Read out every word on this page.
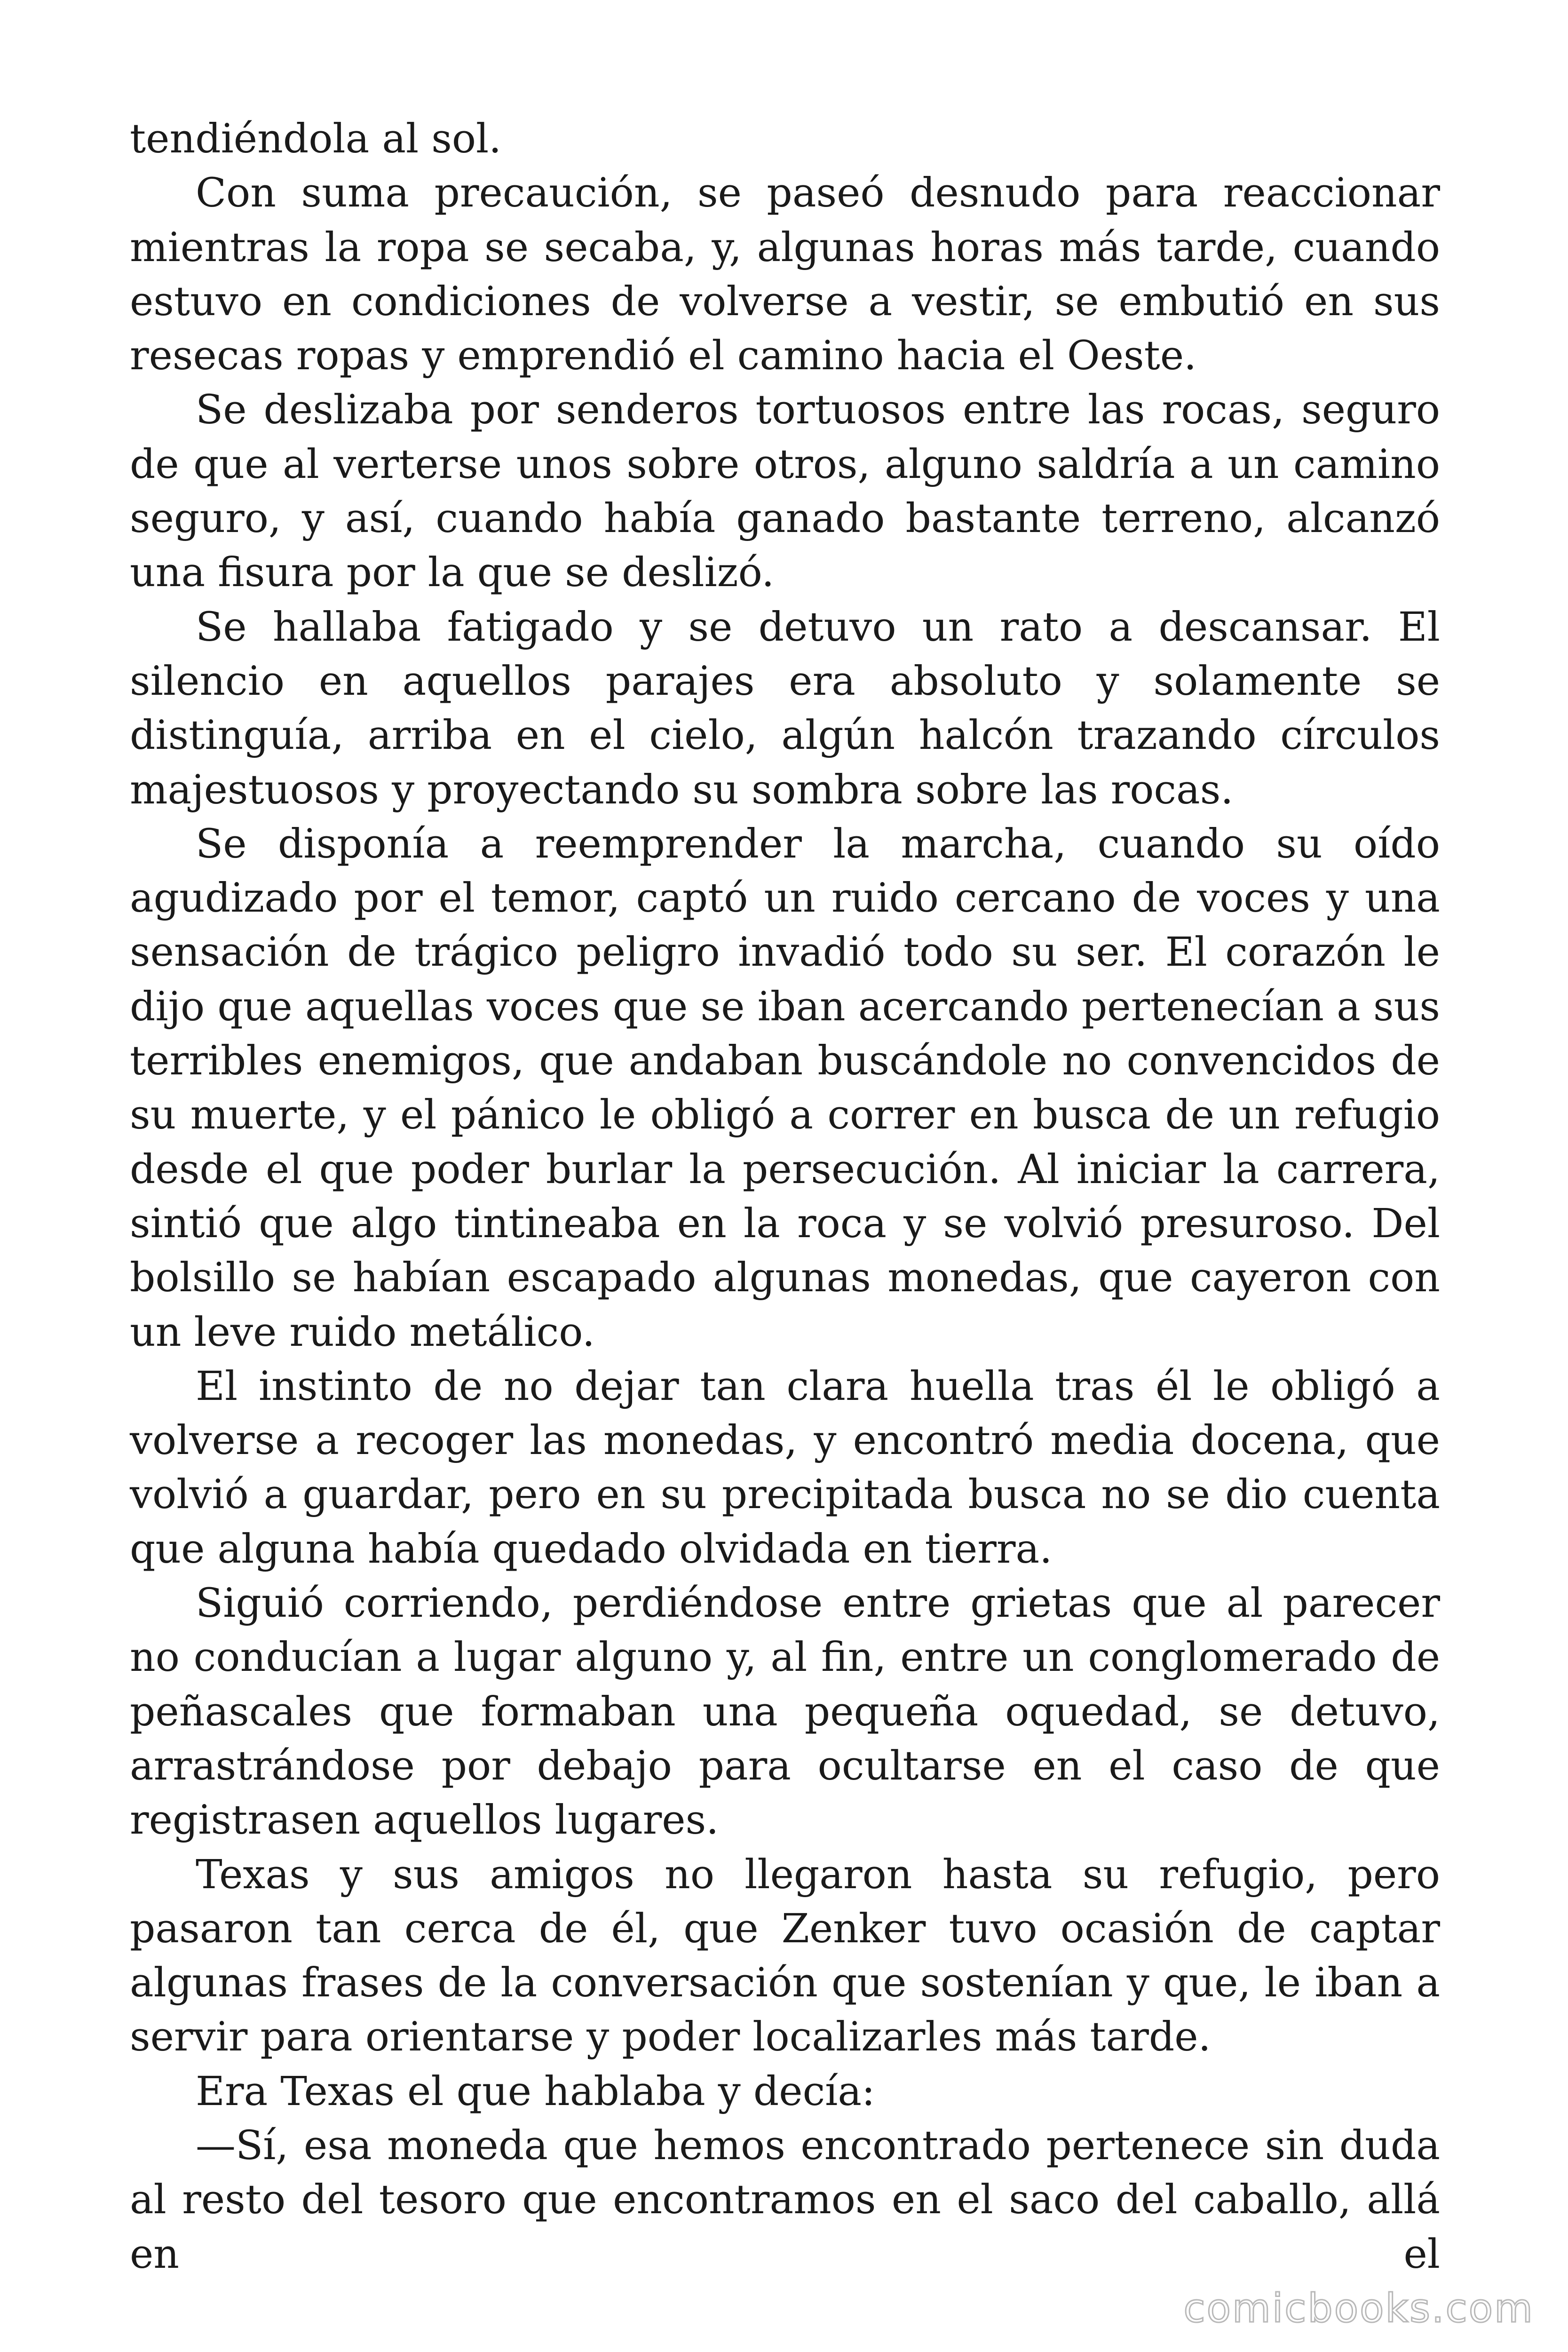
tendiéndola al sol.

Con suma precaución, se paseó desnudo para reaccionar mientras la ropa se secaba, y, algunas horas más tarde, cuando estuvo en condiciones de volverse a vestir, se embutió en sus resecas ropas y emprendió el camino hacia el Oeste.

Se deslizaba por senderos tortuosos entre las rocas, seguro de que al verterse unos sobre otros, alguno saldría a un camino seguro, y así, cuando había ganado bastante terreno, alcanzó una fisura por la que se deslizó.

Se hallaba fatigado y se detuvo un rato a descansar. El silencio en aquellos parajes era absoluto y solamente se distinguía, arriba en el cielo, algún halcón trazando círculos majestuosos y proyectando su sombra sobre las rocas.

Se disponía a reemprender la marcha, cuando su oído agudizado por el temor, captó un ruido cercano de voces y una sensación de trágico peligro invadió todo su ser. El corazón le dijo que aquellas voces que se iban acercando pertenecían a sus terribles enemigos, que andaban buscándole no convencidos de su muerte, y el pánico le obligó a correr en busca de un refugio desde el que poder burlar la persecución. Al iniciar la carrera, sintió que algo tintineaba en la roca y se volvió presuroso. Del bolsillo se habían escapado algunas monedas, que cayeron con un leve ruido metálico.

El instinto de no dejar tan clara huella tras él le obligó a volverse a recoger las monedas, y encontró media docena, que volvió a guardar, pero en su precipitada busca no se dio cuenta que alguna había quedado olvidada en tierra.

Siguió corriendo, perdiéndose entre grietas que al parecer no conducían a lugar alguno y, al fin, entre un conglomerado de peñascales que formaban una pequeña oquedad, se detuvo, arrastrándose por debajo para ocultarse en el caso de que registrasen aquellos lugares.

Texas y sus amigos no llegaron hasta su refugio, pero pasaron tan cerca de él, que Zenker tuvo ocasión de captar algunas frases de la conversación que sostenían y que, le iban a servir para orientarse y poder localizarles más tarde.

Era Texas el que hablaba y decía:

—Sí, esa moneda que hemos encontrado pertenece sin duda al resto del tesoro que encontramos en el saco del caballo, allá en el

comicbooks.com
